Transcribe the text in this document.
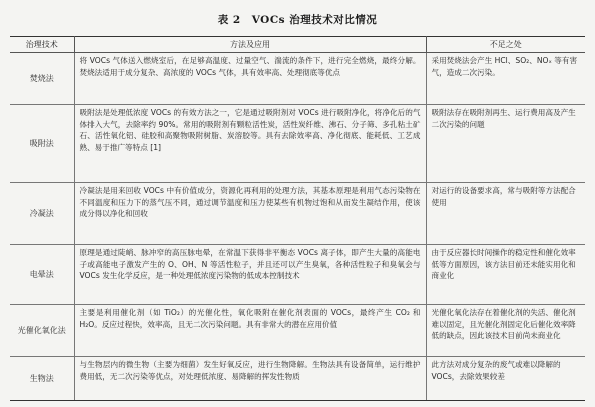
表 2　VOCs 治理技术对比情况
治理技术	方法及应用	不足之处
焚烧法	将 VOCs 气体送入燃烧室后，在足够高温度、过量空气、湍流的条件下，进行完全燃烧，最终分解。焚烧法适用于成分复杂、高浓度的 VOCs 气体，具有效率高、处理彻底等优点	采用焚烧法会产生 HCl、SO₂、NOₓ 等有害气，造成二次污染。
吸附法	吸附法是处理低浓度 VOCs 的有效方法之一，它是通过吸附剂对 VOCs 进行吸附净化，将净化后的气体排入大气，去除率约 90%。常用的吸附剂有颗粒活性炭，活性炭纤维、沸石、分子筛、多孔粘土矿石、活性氧化铝、硅胶和高聚物吸附树脂、炭溶胶等。具有去除效率高、净化彻底、能耗低、工艺成熟、易于推广等特点 [1]	吸附法存在吸附剂再生、运行费用高及产生二次污染的问题
冷凝法	冷凝法是用来回收 VOCs 中有价值成分，资源化再利用的处理方法，其基本原理是利用气态污染物在不同温度和压力下的蒸气压不同，通过调节温度和压力使某些有机物过饱和从而发生凝结作用，使该成分得以净化和回收	对运行的设备要求高，常与吸附等方法配合使用
电晕法	原理是通过陡峭、脉冲窄的高压脉电晕，在常温下获得非平衡态 VOCs 离子体，即产生大量的高能电子或高能电子激发产生的 O、OH、N 等活性粒子，并且还可以产生臭氧，各种活性粒子和臭氧会与 VOCs 发生化学反应，是一种处理低浓度污染物的低成本控制技术	由于反应器长时间操作的稳定性和催化效率低等方面原因，该方法目前还未能实用化和商业化
光催化氧化法	主要是利用催化剂（如 TiO₂）的光催化性，氧化吸附在催化剂表面的 VOCs，最终产生 CO₂ 和 H₂O。反应过程快，效率高，且无二次污染问题。具有非常大的潜在应用价值	光催化氧化法存在着催化剂的失活、催化剂难以固定，且光催化剂固定化后催化效率降低的缺点，因此该技术目前尚未商业化
生物法	与生物层内的微生物（主要为细菌）发生好氧反应，进行生物降解。生物法具有设备简单，运行维护费用低，无二次污染等优点，对处理低浓度、易降解的挥发性物质	此方法对成分复杂的废气或难以降解的 VOCs，去除效果较差
